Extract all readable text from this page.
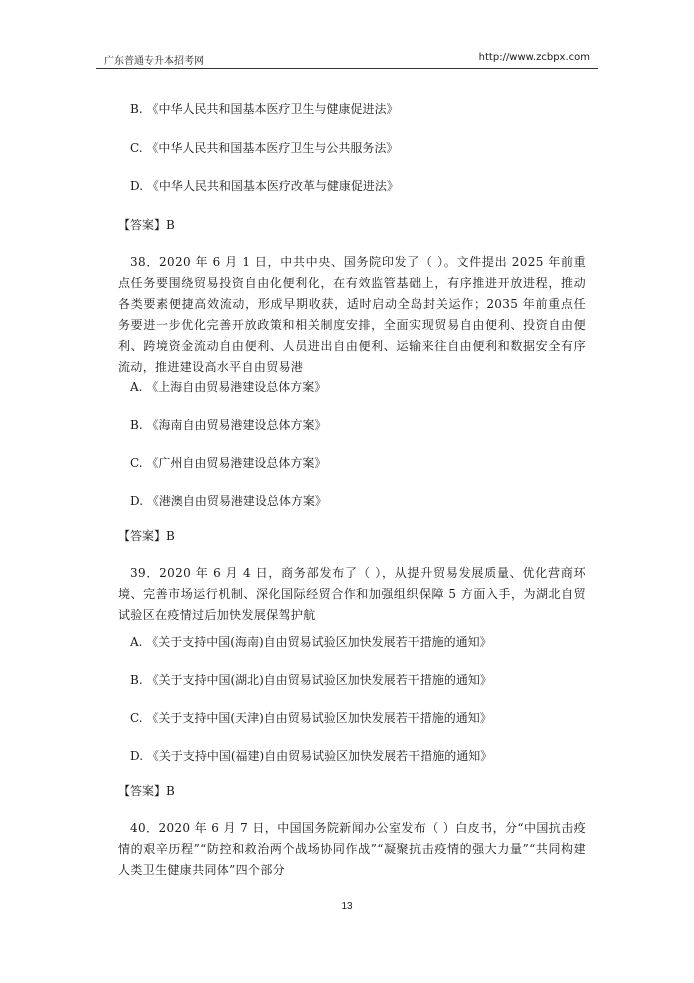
广东普通专升本招考网	http://www.zcbpx.com
B. 《中华人民共和国基本医疗卫生与健康促进法》
C. 《中华人民共和国基本医疗卫生与公共服务法》
D. 《中华人民共和国基本医疗改革与健康促进法》
【答案】B
38．2020 年 6 月 1 日，中共中央、国务院印发了（ ）。文件提出 2025 年前重点任务要围绕贸易投资自由化便利化，在有效监管基础上，有序推进开放进程，推动各类要素便捷高效流动，形成早期收获，适时启动全岛封关运作；2035 年前重点任务要进一步优化完善开放政策和相关制度安排，全面实现贸易自由便利、投资自由便利、跨境资金流动自由便利、人员进出自由便利、运输来往自由便利和数据安全有序流动，推进建设高水平自由贸易港
A. 《上海自由贸易港建设总体方案》
B. 《海南自由贸易港建设总体方案》
C. 《广州自由贸易港建设总体方案》
D. 《港澳自由贸易港建设总体方案》
【答案】B
39．2020 年 6 月 4 日，商务部发布了（ ），从提升贸易发展质量、优化营商环境、完善市场运行机制、深化国际经贸合作和加强组织保障 5 方面入手，为湖北自贸试验区在疫情过后加快发展保驾护航
A. 《关于支持中国(海南)自由贸易试验区加快发展若干措施的通知》
B. 《关于支持中国(湖北)自由贸易试验区加快发展若干措施的通知》
C. 《关于支持中国(天津)自由贸易试验区加快发展若干措施的通知》
D. 《关于支持中国(福建)自由贸易试验区加快发展若干措施的通知》
【答案】B
40．2020 年 6 月 7 日，中国国务院新闻办公室发布（ ）白皮书，分“中国抗击疫情的艰辛历程”“防控和救治两个战场协同作战”“凝聚抗击疫情的强大力量”“共同构建人类卫生健康共同体”四个部分
13
